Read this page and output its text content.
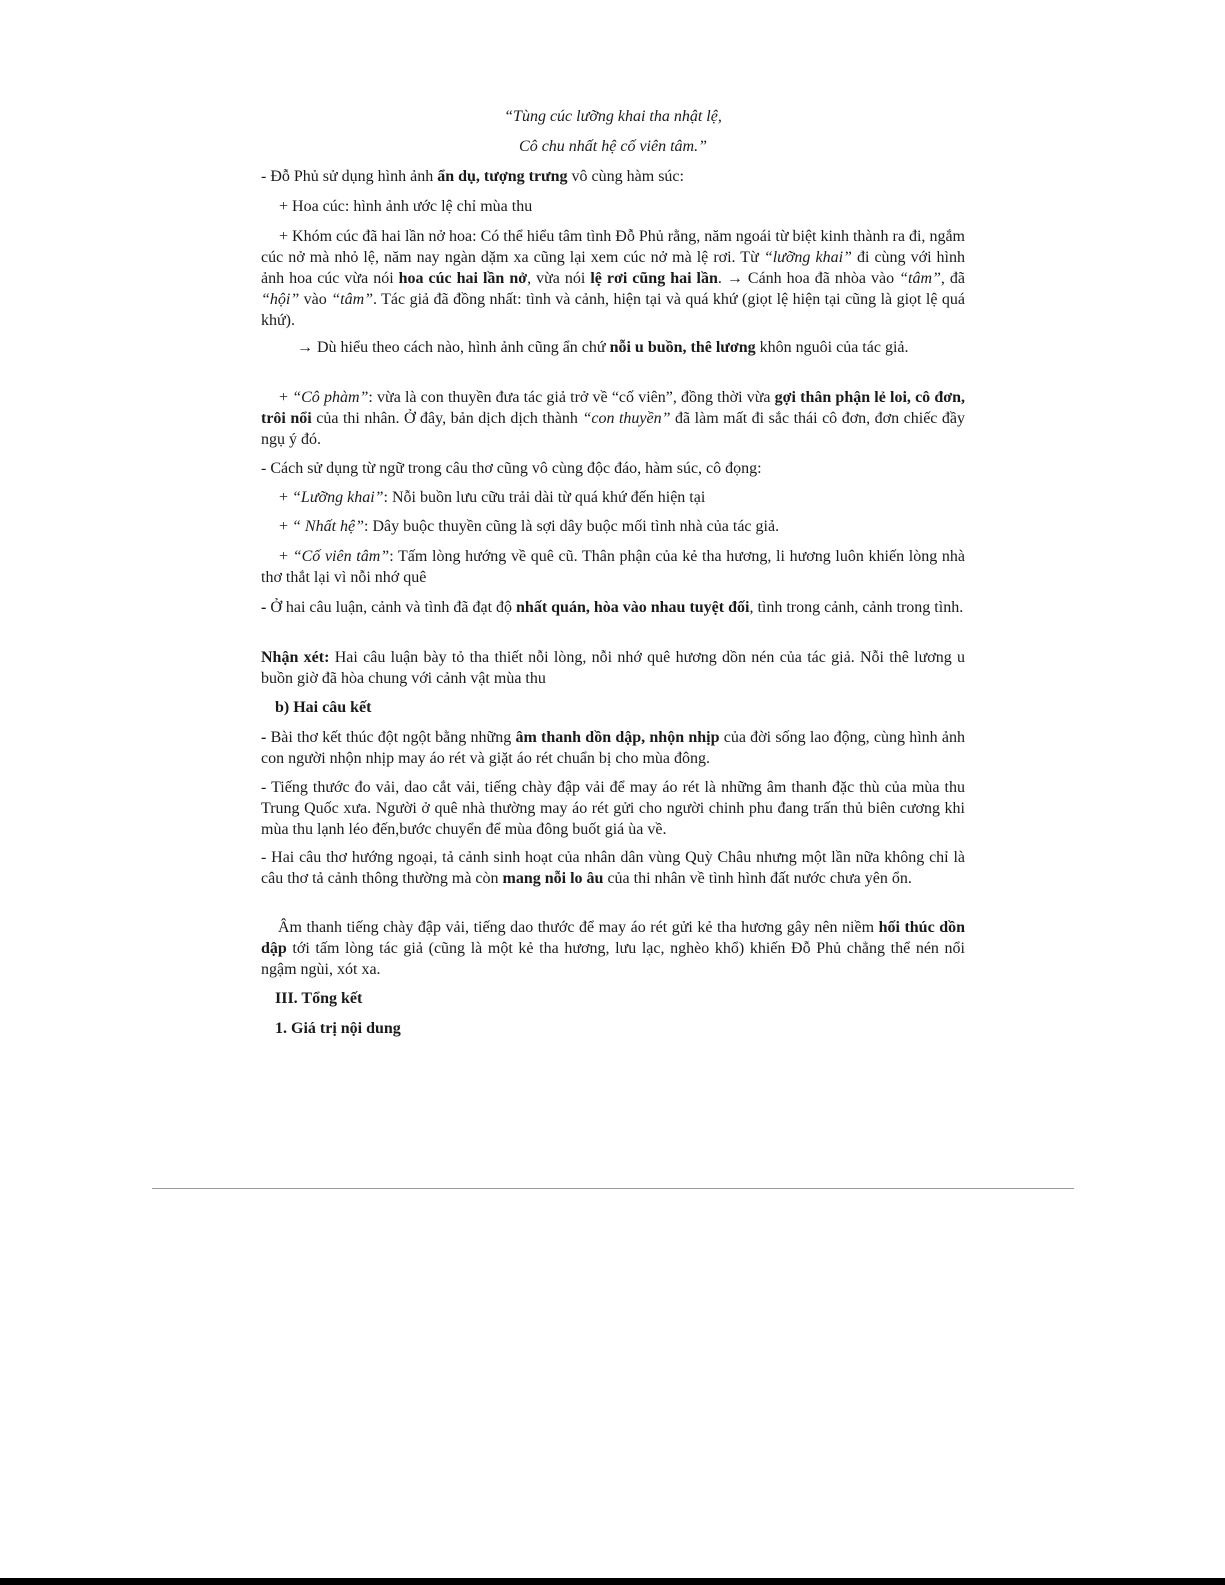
“Tùng cúc lưỡng khai tha nhật lệ,

Cô chu nhất hệ cố viên tâm.”

- Đỗ Phủ sử dụng hình ảnh ẩn dụ, tượng trưng vô cùng hàm súc:

+ Hoa cúc: hình ảnh ước lệ chỉ mùa thu

+ Khóm cúc đã hai lần nở hoa: Có thể hiểu tâm tình Đỗ Phủ rằng, năm ngoái từ biệt kinh thành ra đi, ngắm cúc nở mà nhỏ lệ, năm nay ngàn dặm xa cũng lại xem cúc nở mà lệ rơi. Từ “lưỡng khai” đi cùng với hình ảnh hoa cúc vừa nói hoa cúc hai lần nở, vừa nói lệ rơi cũng hai lần. → Cánh hoa đã nhòa vào “tâm”, đã “hội” vào “tâm”. Tác giả đã đồng nhất: tình và cảnh, hiện tại và quá khứ (giọt lệ hiện tại cũng là giọt lệ quá khứ).

→ Dù hiểu theo cách nào, hình ảnh cũng ẩn chứ nỗi u buồn, thê lương khôn nguôi của tác giả.

+ “Cô phàm”: vừa là con thuyền đưa tác giả trở về “cố viên”, đồng thời vừa gợi thân phận lẻ loi, cô đơn, trôi nổi của thi nhân. Ở đây, bản dịch dịch thành “con thuyền” đã làm mất đi sắc thái cô đơn, đơn chiếc đầy ngụ ý đó.

- Cách sử dụng từ ngữ trong câu thơ cũng vô cùng độc đáo, hàm súc, cô đọng:

+ “Lưỡng khai”: Nỗi buồn lưu cữu trải dài từ quá khứ đến hiện tại

+ “ Nhất hệ”: Dây buộc thuyền cũng là sợi dây buộc mối tình nhà của tác giả.

+ “Cố viên tâm”: Tấm lòng hướng về quê cũ. Thân phận của kẻ tha hương, li hương luôn khiến lòng nhà thơ thắt lại vì nỗi nhớ quê

- Ở hai câu luận, cảnh và tình đã đạt độ nhất quán, hòa vào nhau tuyệt đối, tình trong cảnh, cảnh trong tình.

Nhận xét: Hai câu luận bày tỏ tha thiết nỗi lòng, nỗi nhớ quê hương dồn nén của tác giả. Nỗi thê lương u buồn giờ đã hòa chung với cảnh vật mùa thu

b) Hai câu kết

- Bài thơ kết thúc đột ngột bằng những âm thanh dồn dập, nhộn nhịp của đời sống lao động, cùng hình ảnh con người nhộn nhịp may áo rét và giặt áo rét chuẩn bị cho mùa đông.

- Tiếng thước đo vải, dao cắt vải, tiếng chày đập vải để may áo rét là những âm thanh đặc thù của mùa thu Trung Quốc xưa. Người ở quê nhà thường may áo rét gửi cho người chinh phu đang trấn thủ biên cương khi mùa thu lạnh léo đến,bước chuyển để mùa đông buốt giá ùa về.

- Hai câu thơ hướng ngoại, tả cảnh sinh hoạt của nhân dân vùng Quỳ Châu nhưng một lần nữa không chỉ là câu thơ tả cảnh thông thường mà còn mang nỗi lo âu của thi nhân về tình hình đất nước chưa yên ổn.

Âm thanh tiếng chày đập vải, tiếng dao thước để may áo rét gửi kẻ tha hương gây nên niềm hối thúc dồn dập tới tấm lòng tác giả (cũng là một kẻ tha hương, lưu lạc, nghèo khổ) khiến Đỗ Phủ chẳng thể nén nổi ngậm ngùi, xót xa.

III. Tổng kết

1. Giá trị nội dung
